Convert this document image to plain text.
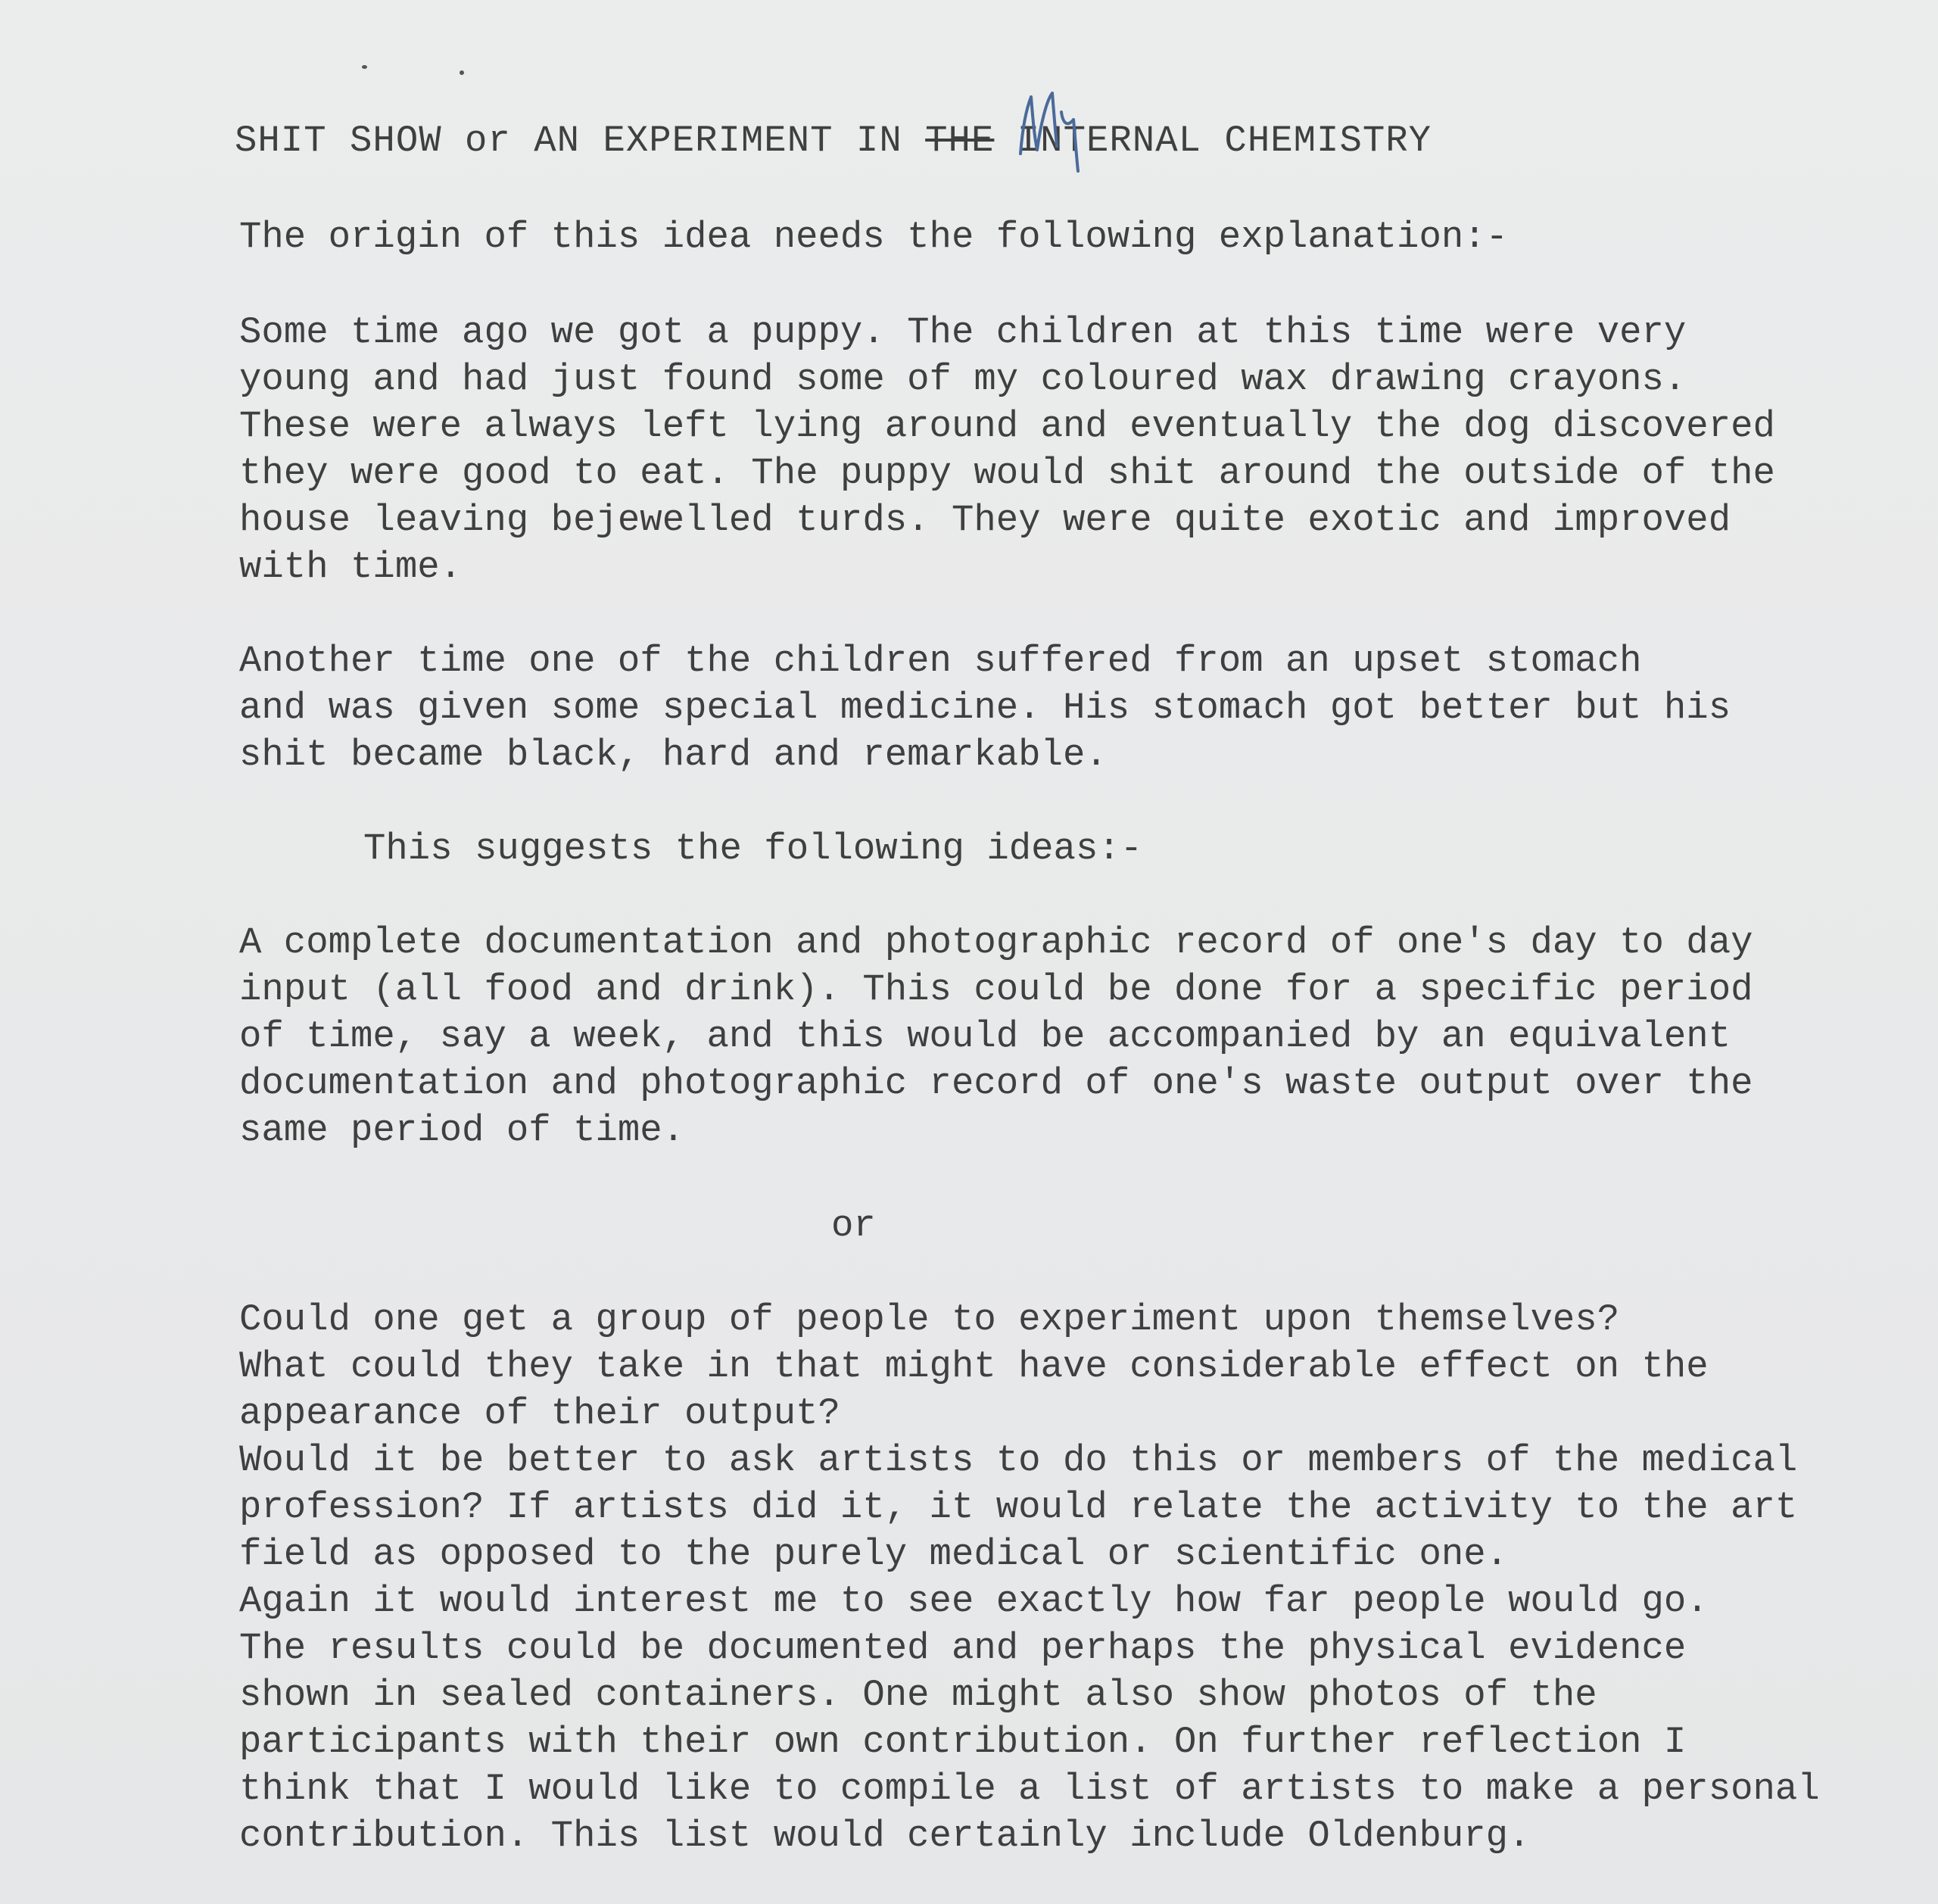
SHIT SHOW or AN EXPERIMENT IN THE INTERNAL CHEMISTRY
my

The origin of this idea needs the following explanation:-

Some time ago we got a puppy. The children at this time were very

young and had just found some of my coloured wax drawing crayons.

These were always left lying around and eventually the dog discovered

they were good to eat. The puppy would shit around the outside of the

house leaving bejewelled turds. They were quite exotic and improved

with time.

Another time one of the children suffered from an upset stomach

and was given some special medicine. His stomach got better but his

shit became black, hard and remarkable.

This suggests the following ideas:-

A complete documentation and photographic record of one's day to day

input (all food and drink). This could be done for a specific period

of time, say a week, and this would be accompanied by an equivalent

documentation and photographic record of one's waste output over the

same period of time.

or

Could one get a group of people to experiment upon themselves?

What could they take in that might have considerable effect on the

appearance of their output?

Would it be better to ask artists to do this or members of the medical

profession? If artists did it, it would relate the activity to the art

field as opposed to the purely medical or scientific one.

Again it would interest me to see exactly how far people would go.

The results could be documented and perhaps the physical evidence

shown in sealed containers. One might also show photos of the

participants with their own contribution. On further reflection I

think that I would like to compile a list of artists to make a personal

contribution. This list would certainly include Oldenburg.
